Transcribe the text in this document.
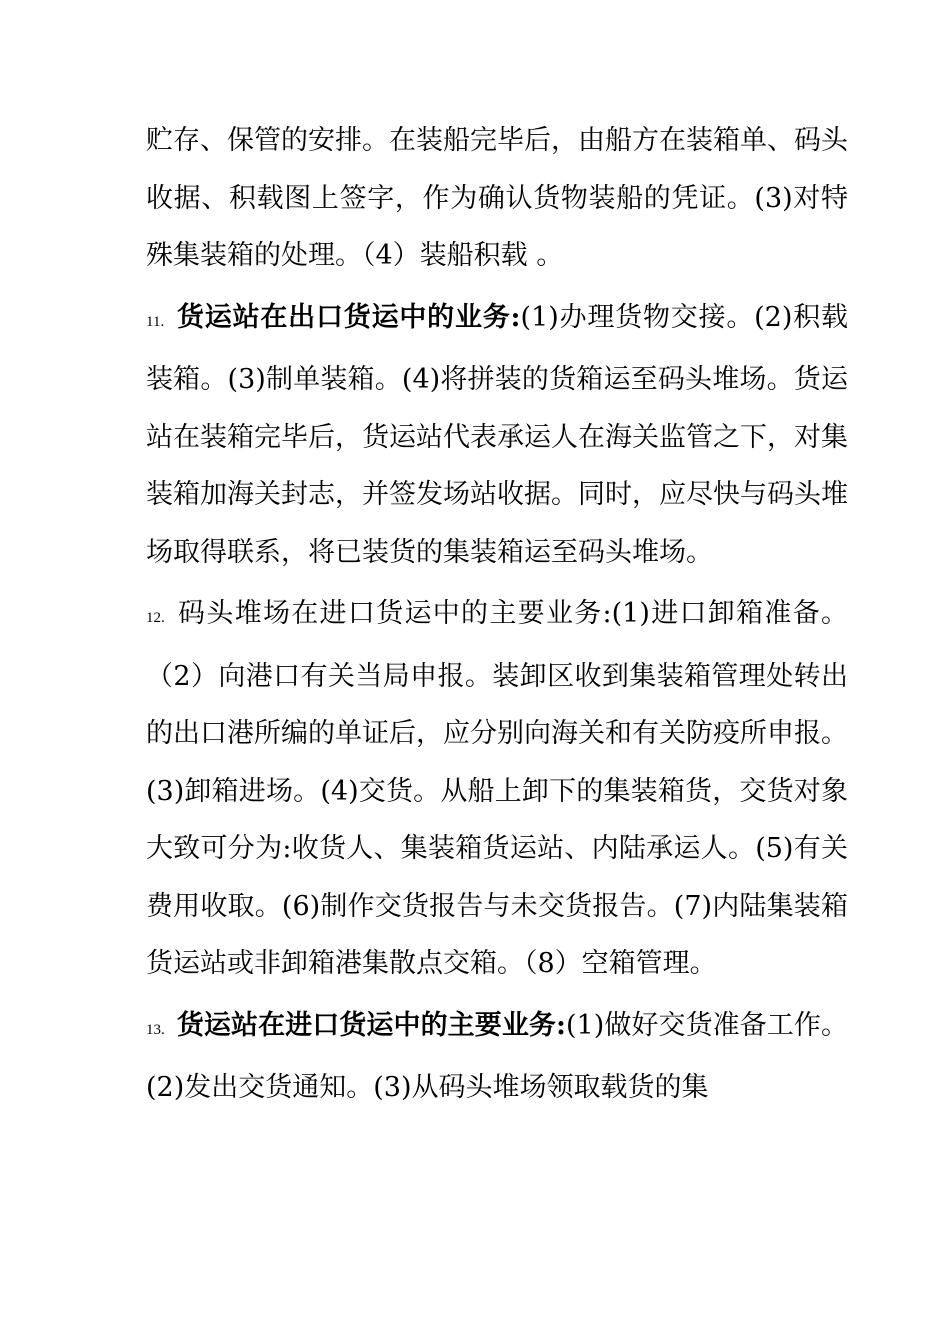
贮存、保管的安排。在装船完毕后，由船方在装箱单、码头收据、积载图上签字，作为确认货物装船的凭证。(3)对特殊集装箱的处理。（4）装船积载 。

11. 货运站在出口货运中的业务:(1)办理货物交接。(2)积载装箱。(3)制单装箱。(4)将拼装的货箱运至码头堆场。货运站在装箱完毕后，货运站代表承运人在海关监管之下，对集装箱加海关封志，并签发场站收据。同时，应尽快与码头堆场取得联系，将已装货的集装箱运至码头堆场。

12. 码头堆场在进口货运中的主要业务:(1)进口卸箱准备。（2）向港口有关当局申报。装卸区收到集装箱管理处转出的出口港所编的单证后，应分别向海关和有关防疫所申报。(3)卸箱进场。(4)交货。从船上卸下的集装箱货，交货对象大致可分为:收货人、集装箱货运站、内陆承运人。(5)有关费用收取。(6)制作交货报告与未交货报告。(7)内陆集装箱货运站或非卸箱港集散点交箱。（8）空箱管理。

13. 货运站在进口货运中的主要业务:(1)做好交货准备工作。(2)发出交货通知。(3)从码头堆场领取载货的集
